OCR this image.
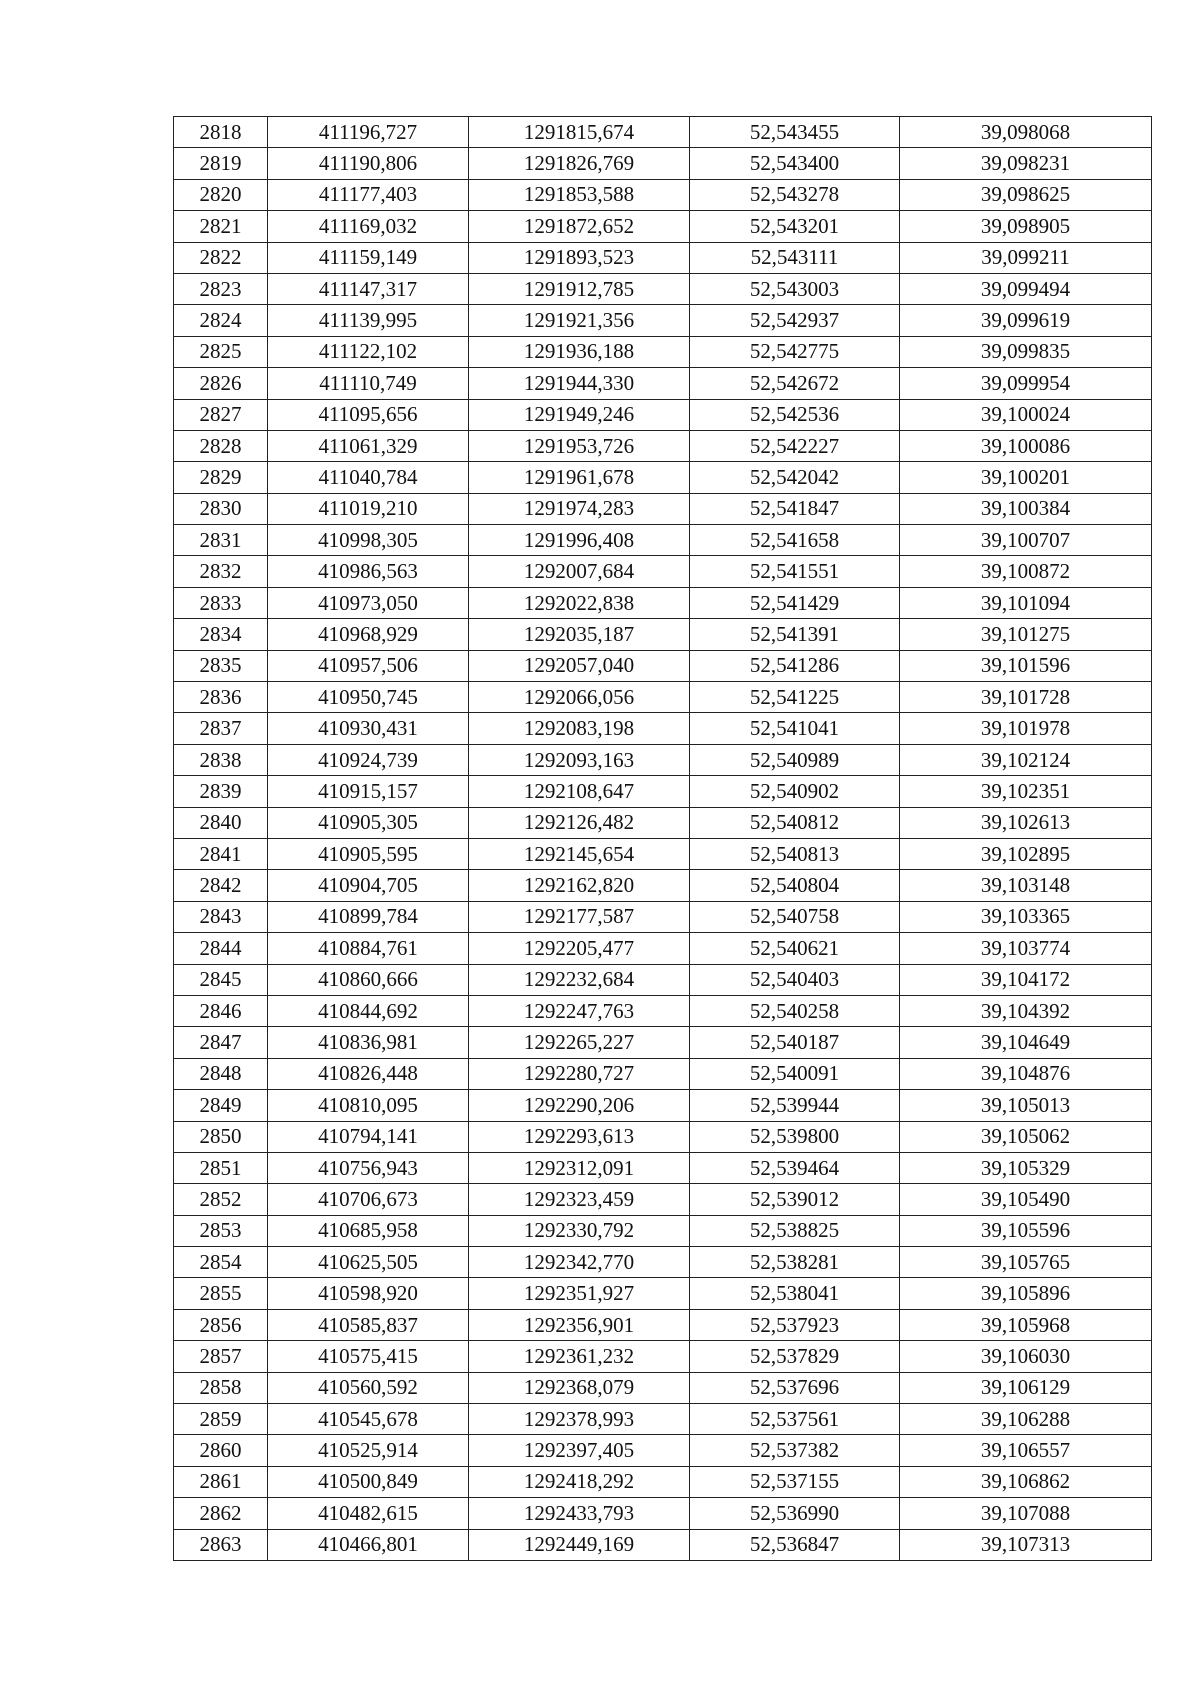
2818	411196,727	1291815,674	52,543455	39,098068
2819	411190,806	1291826,769	52,543400	39,098231
2820	411177,403	1291853,588	52,543278	39,098625
2821	411169,032	1291872,652	52,543201	39,098905
2822	411159,149	1291893,523	52,543111	39,099211
2823	411147,317	1291912,785	52,543003	39,099494
2824	411139,995	1291921,356	52,542937	39,099619
2825	411122,102	1291936,188	52,542775	39,099835
2826	411110,749	1291944,330	52,542672	39,099954
2827	411095,656	1291949,246	52,542536	39,100024
2828	411061,329	1291953,726	52,542227	39,100086
2829	411040,784	1291961,678	52,542042	39,100201
2830	411019,210	1291974,283	52,541847	39,100384
2831	410998,305	1291996,408	52,541658	39,100707
2832	410986,563	1292007,684	52,541551	39,100872
2833	410973,050	1292022,838	52,541429	39,101094
2834	410968,929	1292035,187	52,541391	39,101275
2835	410957,506	1292057,040	52,541286	39,101596
2836	410950,745	1292066,056	52,541225	39,101728
2837	410930,431	1292083,198	52,541041	39,101978
2838	410924,739	1292093,163	52,540989	39,102124
2839	410915,157	1292108,647	52,540902	39,102351
2840	410905,305	1292126,482	52,540812	39,102613
2841	410905,595	1292145,654	52,540813	39,102895
2842	410904,705	1292162,820	52,540804	39,103148
2843	410899,784	1292177,587	52,540758	39,103365
2844	410884,761	1292205,477	52,540621	39,103774
2845	410860,666	1292232,684	52,540403	39,104172
2846	410844,692	1292247,763	52,540258	39,104392
2847	410836,981	1292265,227	52,540187	39,104649
2848	410826,448	1292280,727	52,540091	39,104876
2849	410810,095	1292290,206	52,539944	39,105013
2850	410794,141	1292293,613	52,539800	39,105062
2851	410756,943	1292312,091	52,539464	39,105329
2852	410706,673	1292323,459	52,539012	39,105490
2853	410685,958	1292330,792	52,538825	39,105596
2854	410625,505	1292342,770	52,538281	39,105765
2855	410598,920	1292351,927	52,538041	39,105896
2856	410585,837	1292356,901	52,537923	39,105968
2857	410575,415	1292361,232	52,537829	39,106030
2858	410560,592	1292368,079	52,537696	39,106129
2859	410545,678	1292378,993	52,537561	39,106288
2860	410525,914	1292397,405	52,537382	39,106557
2861	410500,849	1292418,292	52,537155	39,106862
2862	410482,615	1292433,793	52,536990	39,107088
2863	410466,801	1292449,169	52,536847	39,107313
